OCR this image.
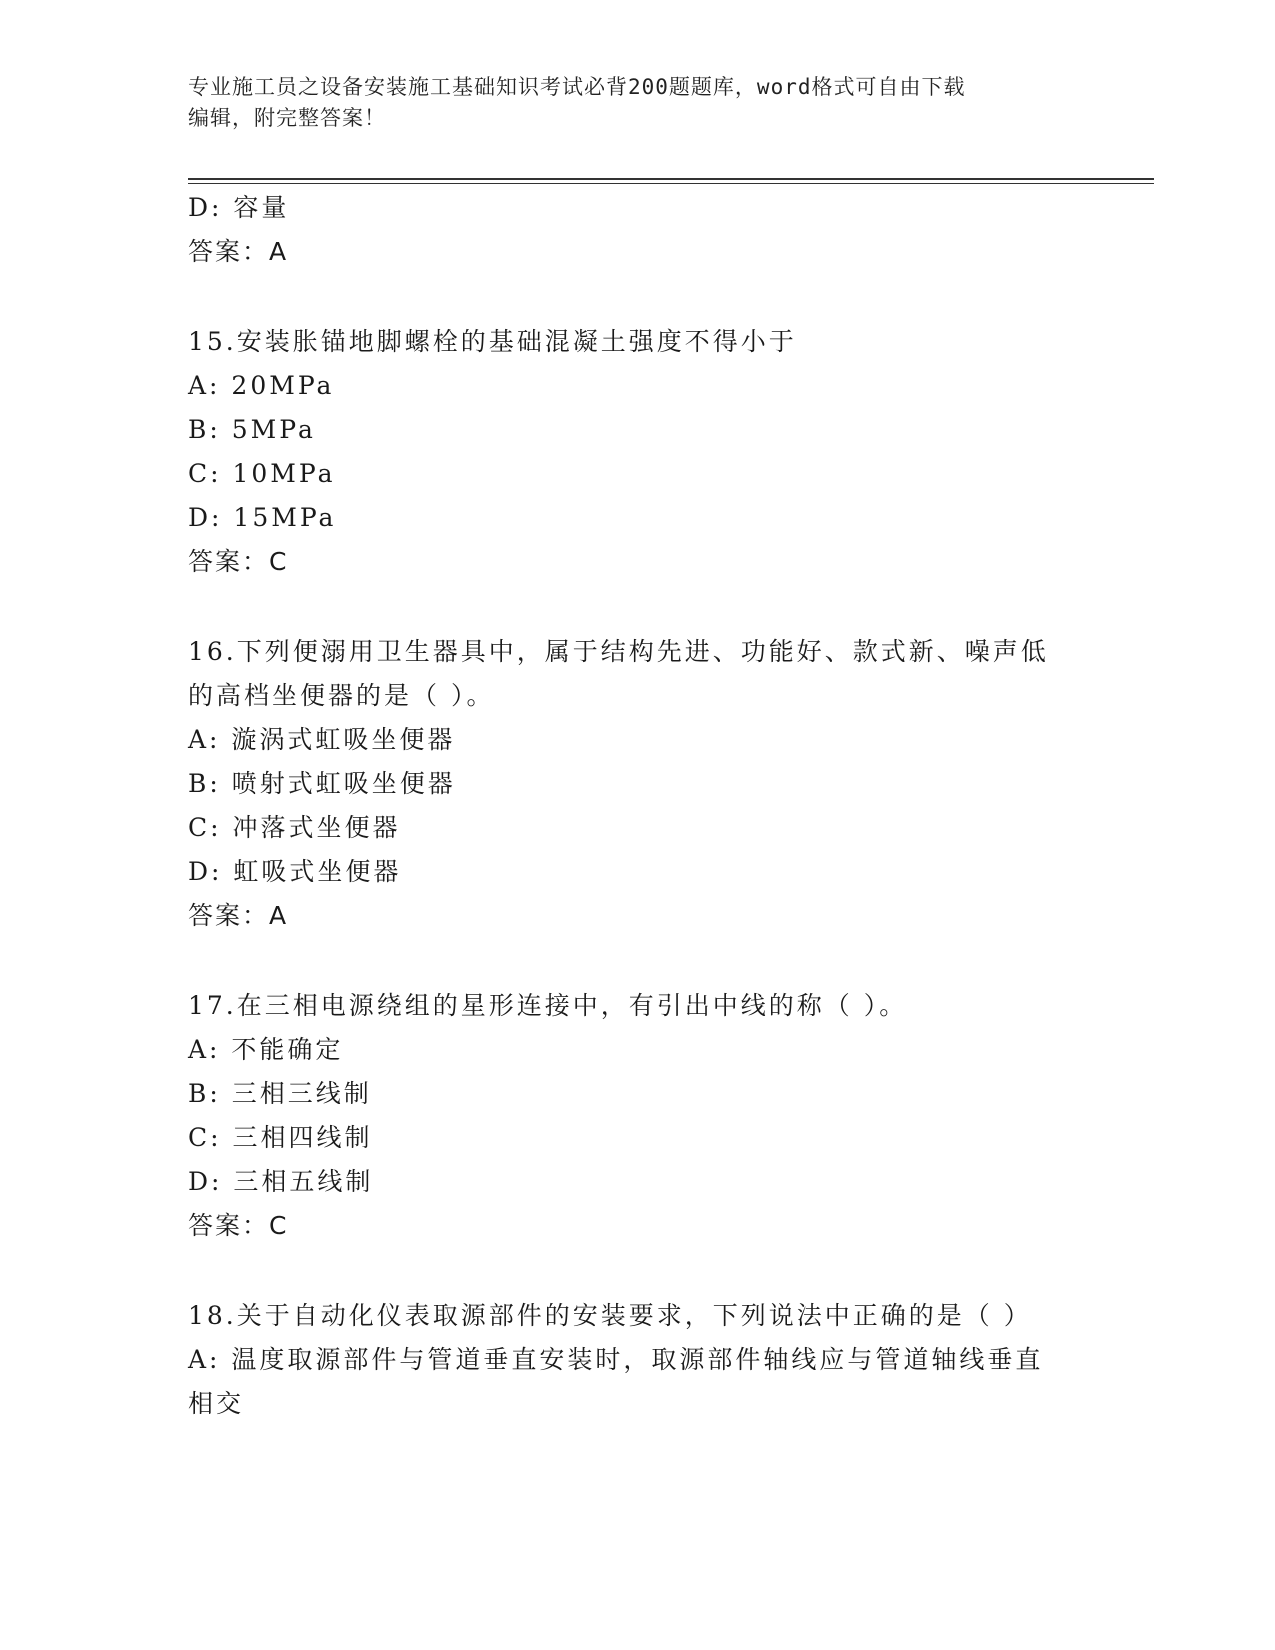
专业施工员之设备安装施工基础知识考试必背200题题库，word格式可自由下载
编辑，附完整答案！
D: 容量
答案：A
15.安装胀锚地脚螺栓的基础混凝土强度不得小于
A: 20MPa
B: 5MPa
C: 10MPa
D: 15MPa
答案：C
16.下列便溺用卫生器具中，属于结构先进、功能好、款式新、噪声低
的高档坐便器的是（ ）。
A: 漩涡式虹吸坐便器
B: 喷射式虹吸坐便器
C: 冲落式坐便器
D: 虹吸式坐便器
答案：A
17.在三相电源绕组的星形连接中，有引出中线的称（ ）。
A: 不能确定
B: 三相三线制
C: 三相四线制
D: 三相五线制
答案：C
18.关于自动化仪表取源部件的安装要求，下列说法中正确的是（ ）
A: 温度取源部件与管道垂直安装时，取源部件轴线应与管道轴线垂直
相交
